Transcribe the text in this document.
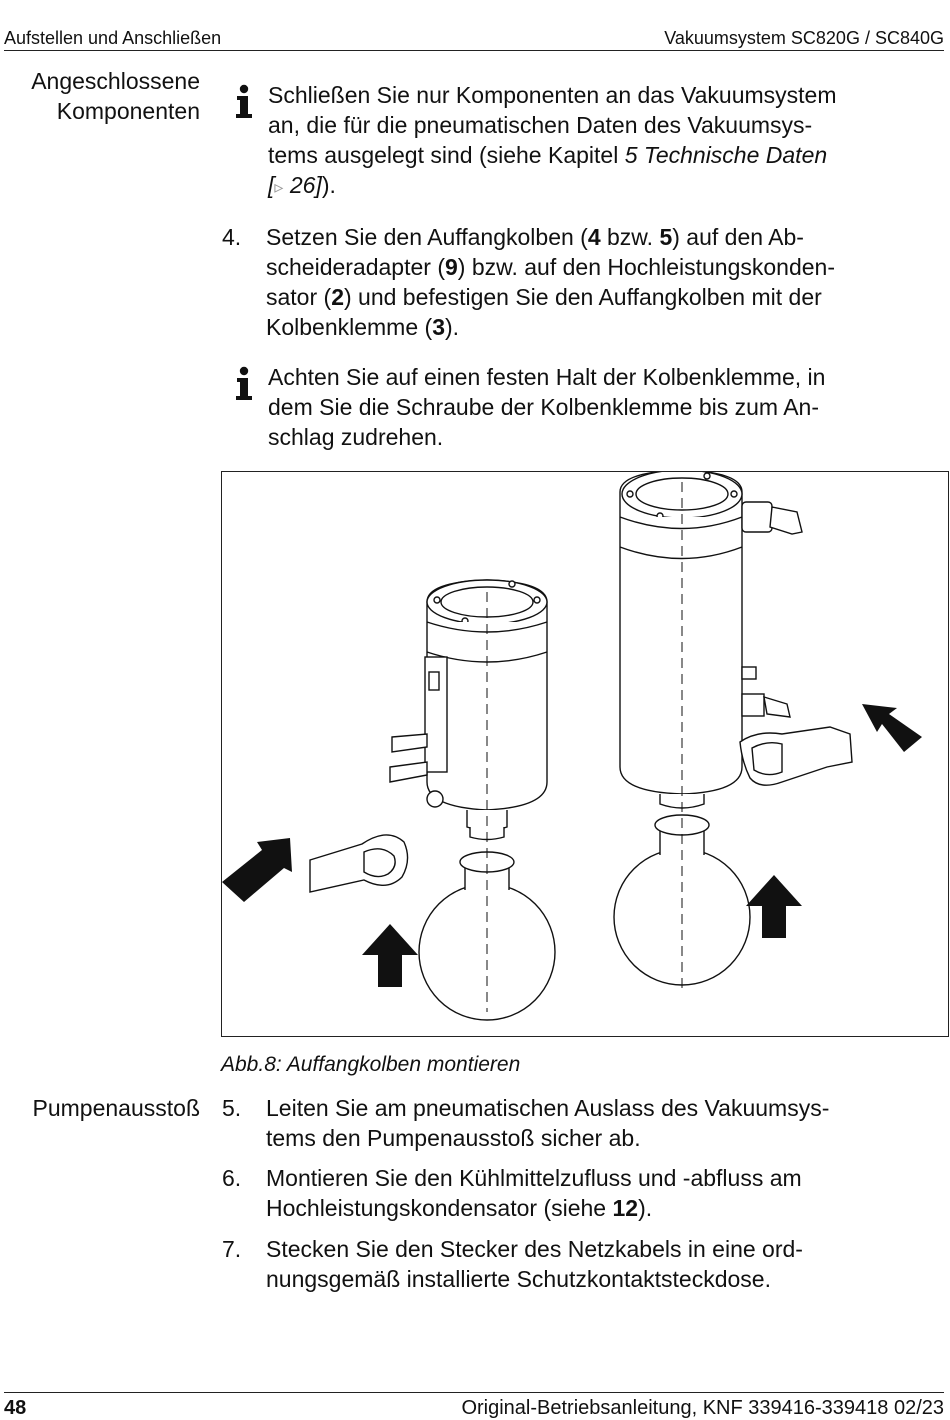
Aufstellen und Anschließen	Vakuumsystem SC820G / SC840G
Angeschlossene Komponenten
Schließen Sie nur Komponenten an das Vakuumsystem
an, die für die pneumatischen Daten des Vakuumsys-
tems ausgelegt sind (siehe Kapitel 5 Technische Daten
[▹ 26]).
4. Setzen Sie den Auffangkolben (4 bzw. 5) auf den Ab-
scheideradapter (9) bzw. auf den Hochleistungskonden-
sator (2) und befestigen Sie den Auffangkolben mit der
Kolbenklemme (3).
Achten Sie auf einen festen Halt der Kolbenklemme, in
dem Sie die Schraube der Kolbenklemme bis zum An-
schlag zudrehen.
Abb.8: Auffangkolben montieren
Pumpenausstoß 5. Leiten Sie am pneumatischen Auslass des Vakuumsys-
tems den Pumpenausstoß sicher ab.
6. Montieren Sie den Kühlmittelzufluss und -abfluss am
Hochleistungskondensator (siehe 12).
7. Stecken Sie den Stecker des Netzkabels in eine ord-
nungsgemäß installierte Schutzkontaktsteckdose.
48	Original-Betriebsanleitung, KNF 339416-339418 02/23
